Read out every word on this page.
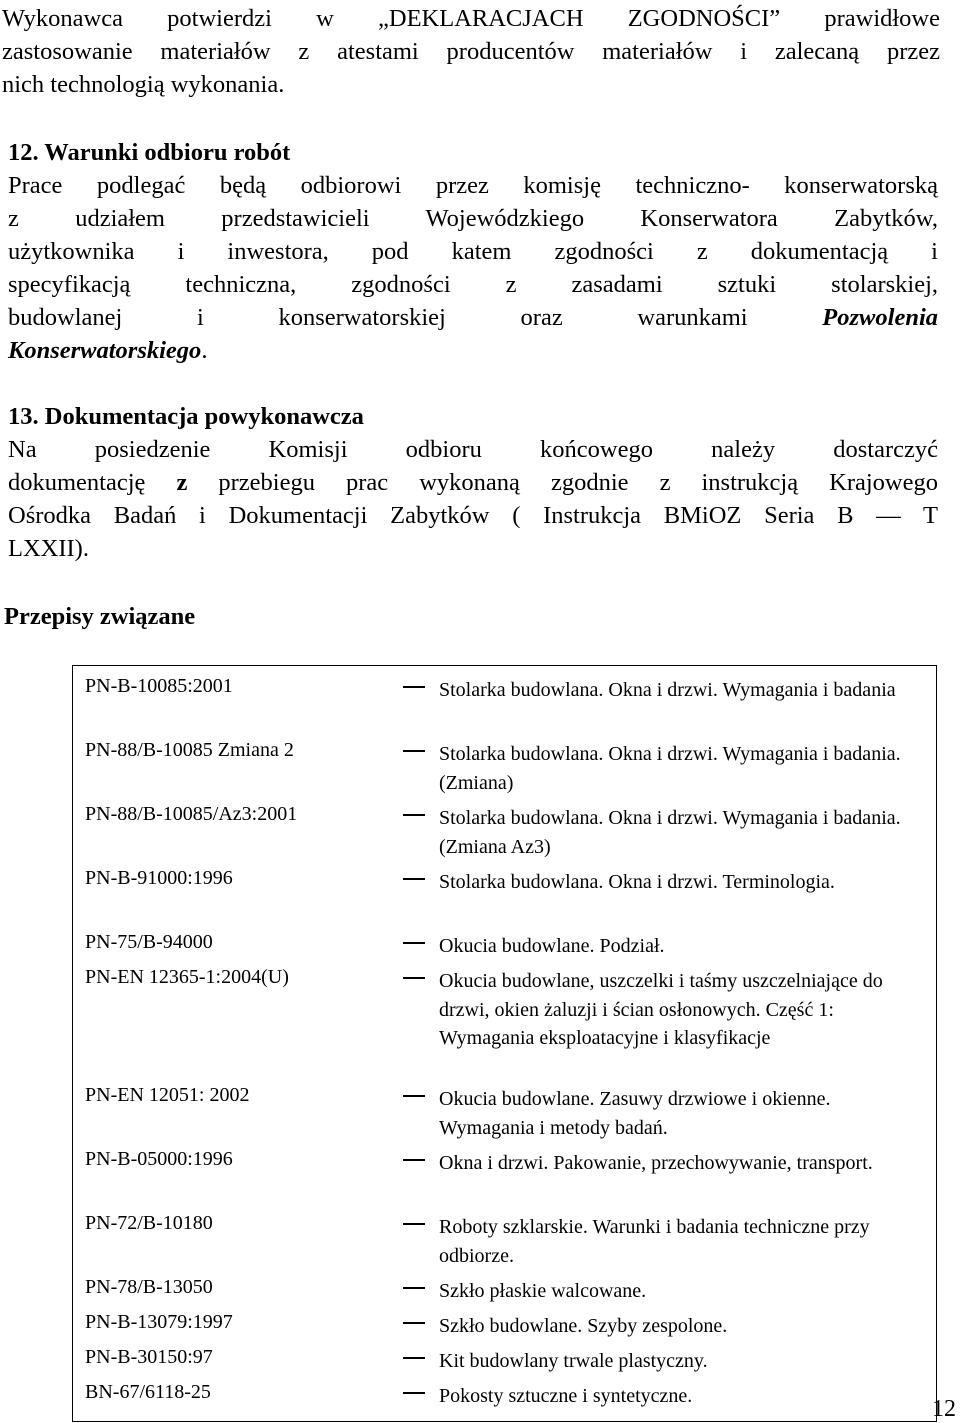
Wykonawca potwierdzi w „DEKLARACJACH ZGODNOŚCI” prawidłowe
zastosowanie materiałów z atestami producentów materiałów i zalecaną przez
nich technologią wykonania.
12. Warunki odbioru robót
Prace podlegać będą odbiorowi przez komisję techniczno- konserwatorską
z udziałem przedstawicieli Wojewódzkiego Konserwatora Zabytków,
użytkownika i inwestora, pod katem zgodności z dokumentacją i
specyfikacją techniczna, zgodności z zasadami sztuki stolarskiej,
budowlanej i konserwatorskiej oraz warunkami	Pozwolenia
Konserwatorskiego.
13. Dokumentacja powykonawcza
Na posiedzenie Komisji odbioru końcowego należy dostarczyć
dokumentację z przebiegu prac wykonaną zgodnie z instrukcją Krajowego
Ośrodka Badań i Dokumentacji Zabytków ( Instrukcja BMiOZ Seria B — T
LXXII).
Przepisy związane
PN-B-10085:2001	Stolarka budowlana. Okna i drzwi. Wymagania i badania
PN-88/B-10085 Zmiana 2	Stolarka budowlana. Okna i drzwi. Wymagania i badania. (Zmiana)
PN-88/B-10085/Az3:2001	Stolarka budowlana. Okna i drzwi. Wymagania i badania. (Zmiana Az3)
PN-B-91000:1996	Stolarka budowlana. Okna i drzwi. Terminologia.
PN-75/B-94000	Okucia budowlane. Podział.
PN-EN 12365-1:2004(U)	Okucia budowlane, uszczelki i taśmy uszczelniające do drzwi, okien żaluzji i ścian osłonowych. Część 1: Wymagania eksploatacyjne i klasyfikacje
PN-EN 12051: 2002	Okucia budowlane. Zasuwy drzwiowe i okienne. Wymagania i metody badań.
PN-B-05000:1996	Okna i drzwi. Pakowanie, przechowywanie, transport.
PN-72/B-10180	Roboty szklarskie. Warunki i badania techniczne przy odbiorze.
PN-78/B-13050	Szkło płaskie walcowane.
PN-B-13079:1997	Szkło budowlane. Szyby zespolone.
PN-B-30150:97	Kit budowlany trwale plastyczny.
BN-67/6118-25	Pokosty sztuczne i syntetyczne.	12
